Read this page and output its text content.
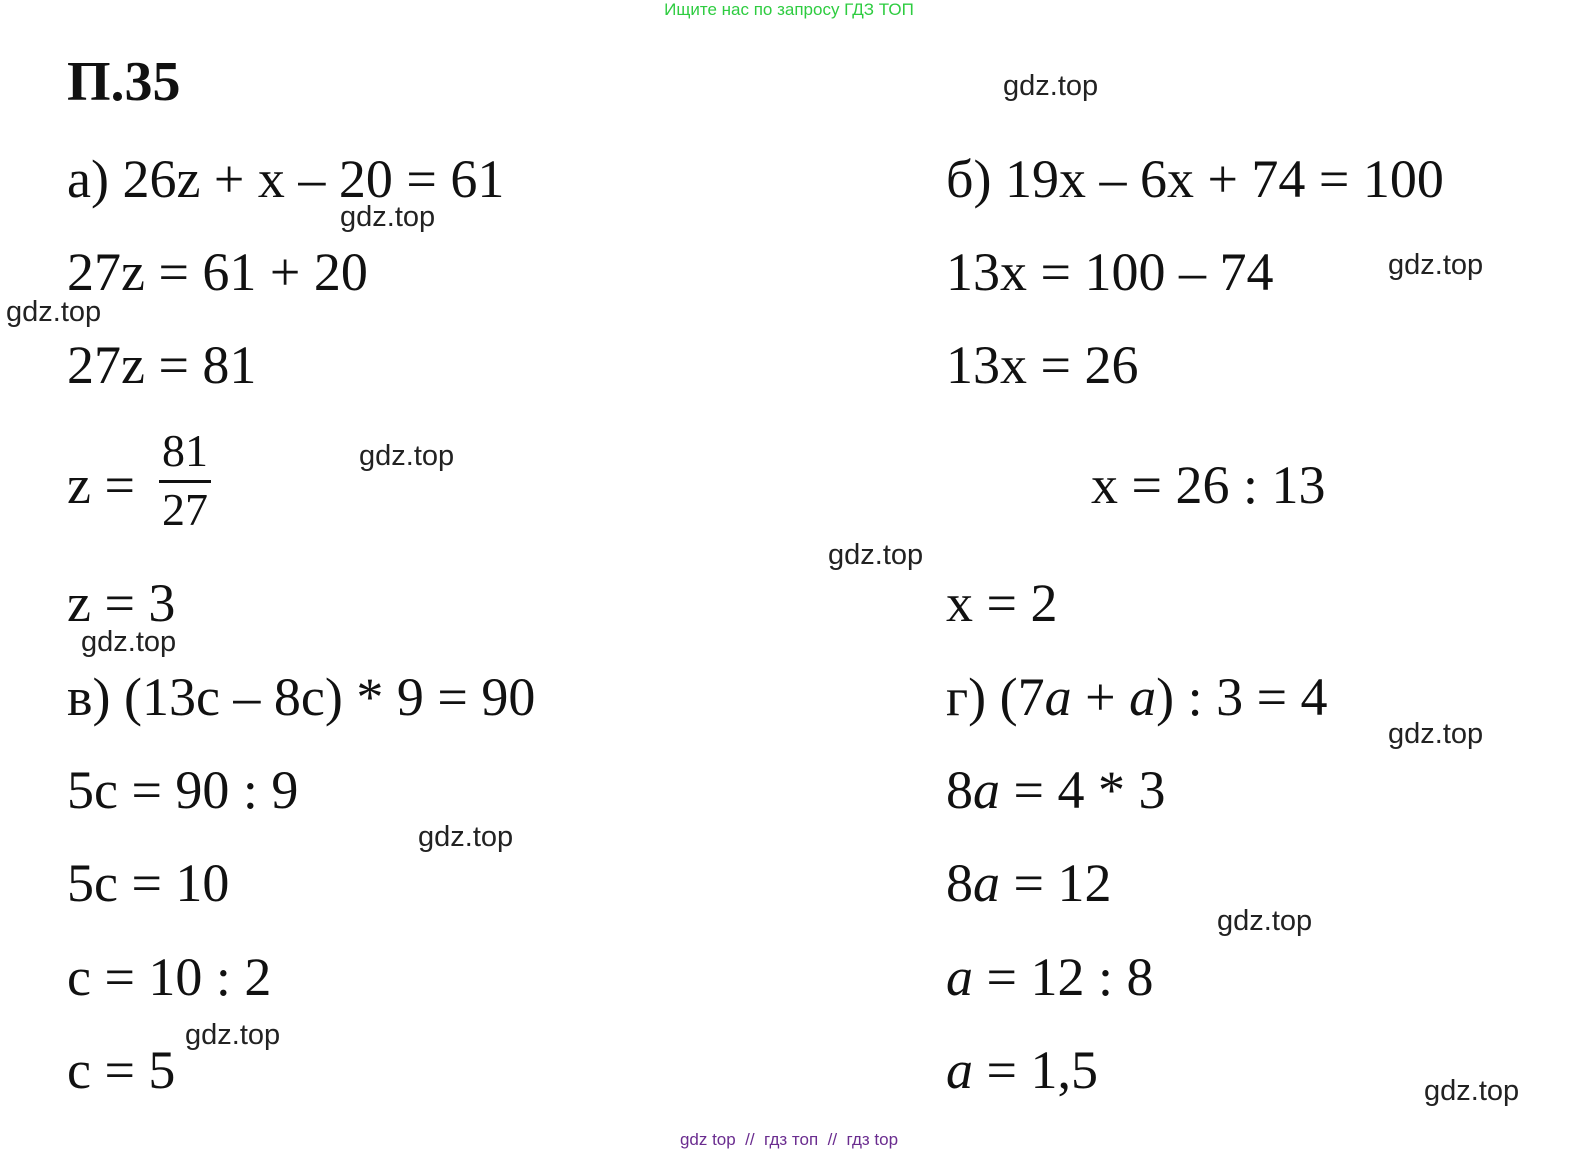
Ищите нас по запросу ГДЗ ТОП
П.35
а) 26z + x – 20 = 61
27z = 61 + 20
27z = 81
z =
81
27
z = 3
в) (13с – 8с) * 9 = 90
5с = 90 : 9
5с = 10
с = 10 : 2
с = 5
б) 19х – 6х + 74 = 100
13х = 100 – 74
13х = 26
х = 26 : 13
х = 2
г) (7a + a) : 3 = 4
8a = 4 * 3
8a = 12
a = 12 : 8
a = 1,5
gdz.top
gdz.top
gdz.top
gdz.top
gdz.top
gdz.top
gdz.top
gdz.top
gdz.top
gdz.top
gdz.top
gdz.top
gdz top  //  гдз топ  //  гдз top
